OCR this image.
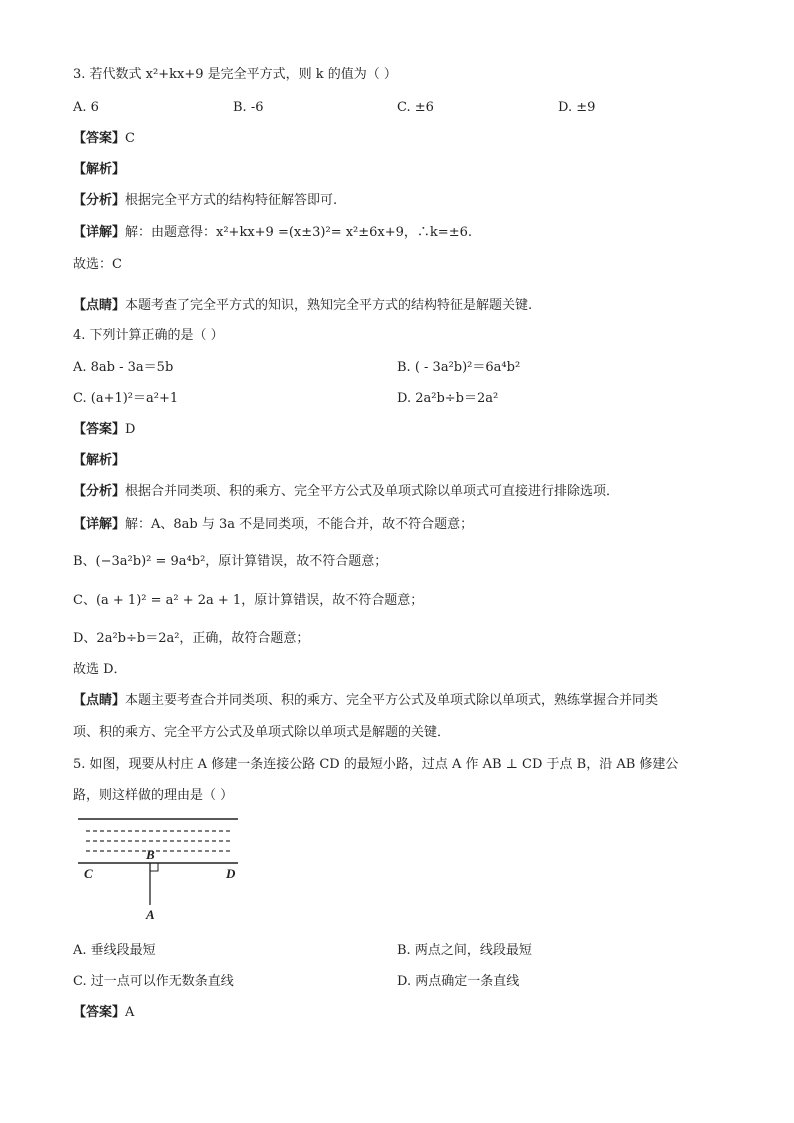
3. 若代数式 x²+kx+9 是完全平方式，则 k 的值为（ ）
A. 6	B. -6	C. ±6	D. ±9
【答案】C
【解析】
【分析】根据完全平方式的结构特征解答即可.
【详解】解：由题意得：x²+kx+9 =(x±3)²= x²±6x+9，∴k=±6.
故选：C
【点睛】本题考查了完全平方式的知识，熟知完全平方式的结构特征是解题关键.
4. 下列计算正确的是（ ）
A. 8ab - 3a＝5b	B. ( - 3a²b)²＝6a⁴b²
C. (a+1)²＝a²+1	D. 2a²b÷b＝2a²
【答案】D
【解析】
【分析】根据合并同类项、积的乘方、完全平方公式及单项式除以单项式可直接进行排除选项．
【详解】解：A、8ab 与 3a 不是同类项，不能合并，故不符合题意；
B、(−3a²b)² = 9a⁴b²，原计算错误，故不符合题意；
C、(a + 1)² = a² + 2a + 1，原计算错误，故不符合题意；
D、2a²b÷b＝2a²，正确，故符合题意；
故选 D．
【点睛】本题主要考查合并同类项、积的乘方、完全平方公式及单项式除以单项式，熟练掌握合并同类
项、积的乘方、完全平方公式及单项式除以单项式是解题的关键．
5. 如图，现要从村庄 A 修建一条连接公路 CD 的最短小路，过点 A 作 AB ⊥ CD 于点 B，沿 AB 修建公
路，则这样做的理由是（ ）
B
C	D
A
A. 垂线段最短	B. 两点之间，线段最短
C. 过一点可以作无数条直线	D. 两点确定一条直线
【答案】A
